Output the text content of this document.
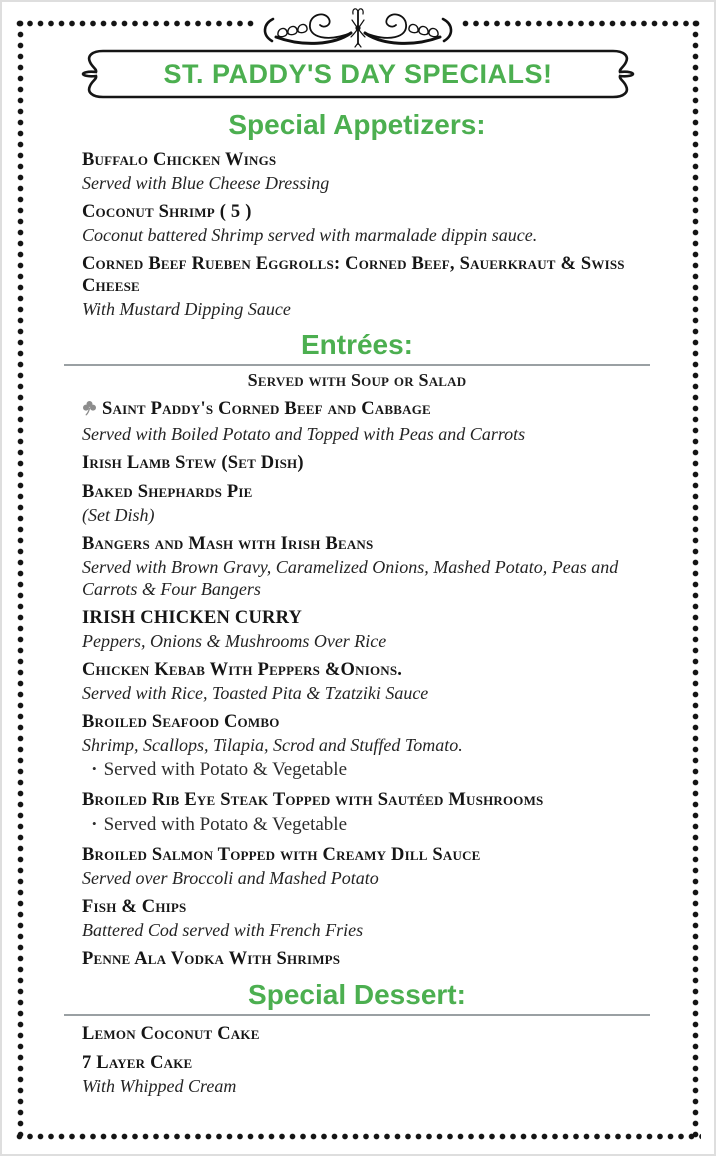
ST. PADDY'S DAY SPECIALS!
Special Appetizers:
Buffalo Chicken Wings
Served with Blue Cheese Dressing
Coconut Shrimp ( 5 )
Coconut battered Shrimp served with marmalade dippin sauce.
Corned Beef Rueben Eggrolls: Corned Beef, Sauerkraut & Swiss Cheese
With Mustard Dipping Sauce
Entrées:
Served with Soup or Salad
Saint Paddy's Corned Beef and Cabbage
Served with Boiled Potato and Topped with Peas and Carrots
Irish Lamb Stew (Set Dish)
Baked Shephards Pie
(Set Dish)
Bangers and Mash with Irish Beans
Served with Brown Gravy, Caramelized Onions, Mashed Potato, Peas and Carrots & Four Bangers
IRISH CHICKEN CURRY
Peppers, Onions & Mushrooms Over Rice
Chicken Kebab With Peppers &Onions.
Served with Rice, Toasted Pita & Tzatziki Sauce
Broiled Seafood Combo
Shrimp, Scallops, Tilapia, Scrod and Stuffed Tomato.
• Served with Potato & Vegetable
Broiled Rib Eye Steak Topped with Sautéed Mushrooms
• Served with Potato & Vegetable
Broiled Salmon Topped with Creamy Dill Sauce
Served over Broccoli and Mashed Potato
Fish & Chips
Battered Cod served with French Fries
Penne Ala Vodka With Shrimps
Special Dessert:
Lemon Coconut Cake
7 Layer Cake
With Whipped Cream
